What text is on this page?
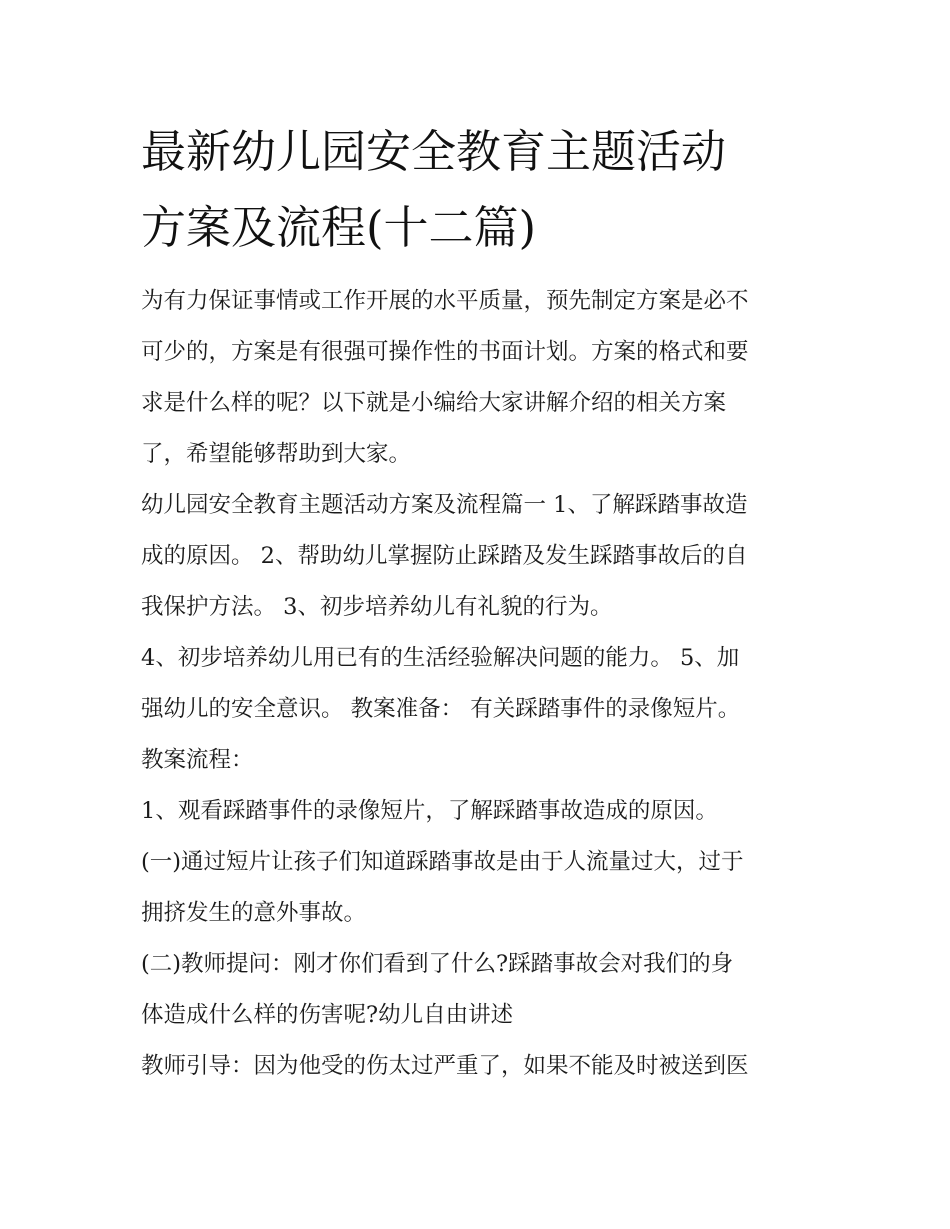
最新幼儿园安全教育主题活动
方案及流程(十二篇)

为有力保证事情或工作开展的水平质量，预先制定方案是必不
可少的，方案是有很强可操作性的书面计划。方案的格式和要
求是什么样的呢？以下就是小编给大家讲解介绍的相关方案
了，希望能够帮助到大家。

幼儿园安全教育主题活动方案及流程篇一 1、了解踩踏事故造
成的原因。 2、帮助幼儿掌握防止踩踏及发生踩踏事故后的自
我保护方法。 3、初步培养幼儿有礼貌的行为。

4、初步培养幼儿用已有的生活经验解决问题的能力。 5、加
强幼儿的安全意识。 教案准备： 有关踩踏事件的录像短片。
教案流程：

1、观看踩踏事件的录像短片，了解踩踏事故造成的原因。

(一)通过短片让孩子们知道踩踏事故是由于人流量过大，过于
拥挤发生的意外事故。

(二)教师提问：刚才你们看到了什么?踩踏事故会对我们的身
体造成什么样的伤害呢?幼儿自由讲述

教师引导：因为他受的伤太过严重了，如果不能及时被送到医
